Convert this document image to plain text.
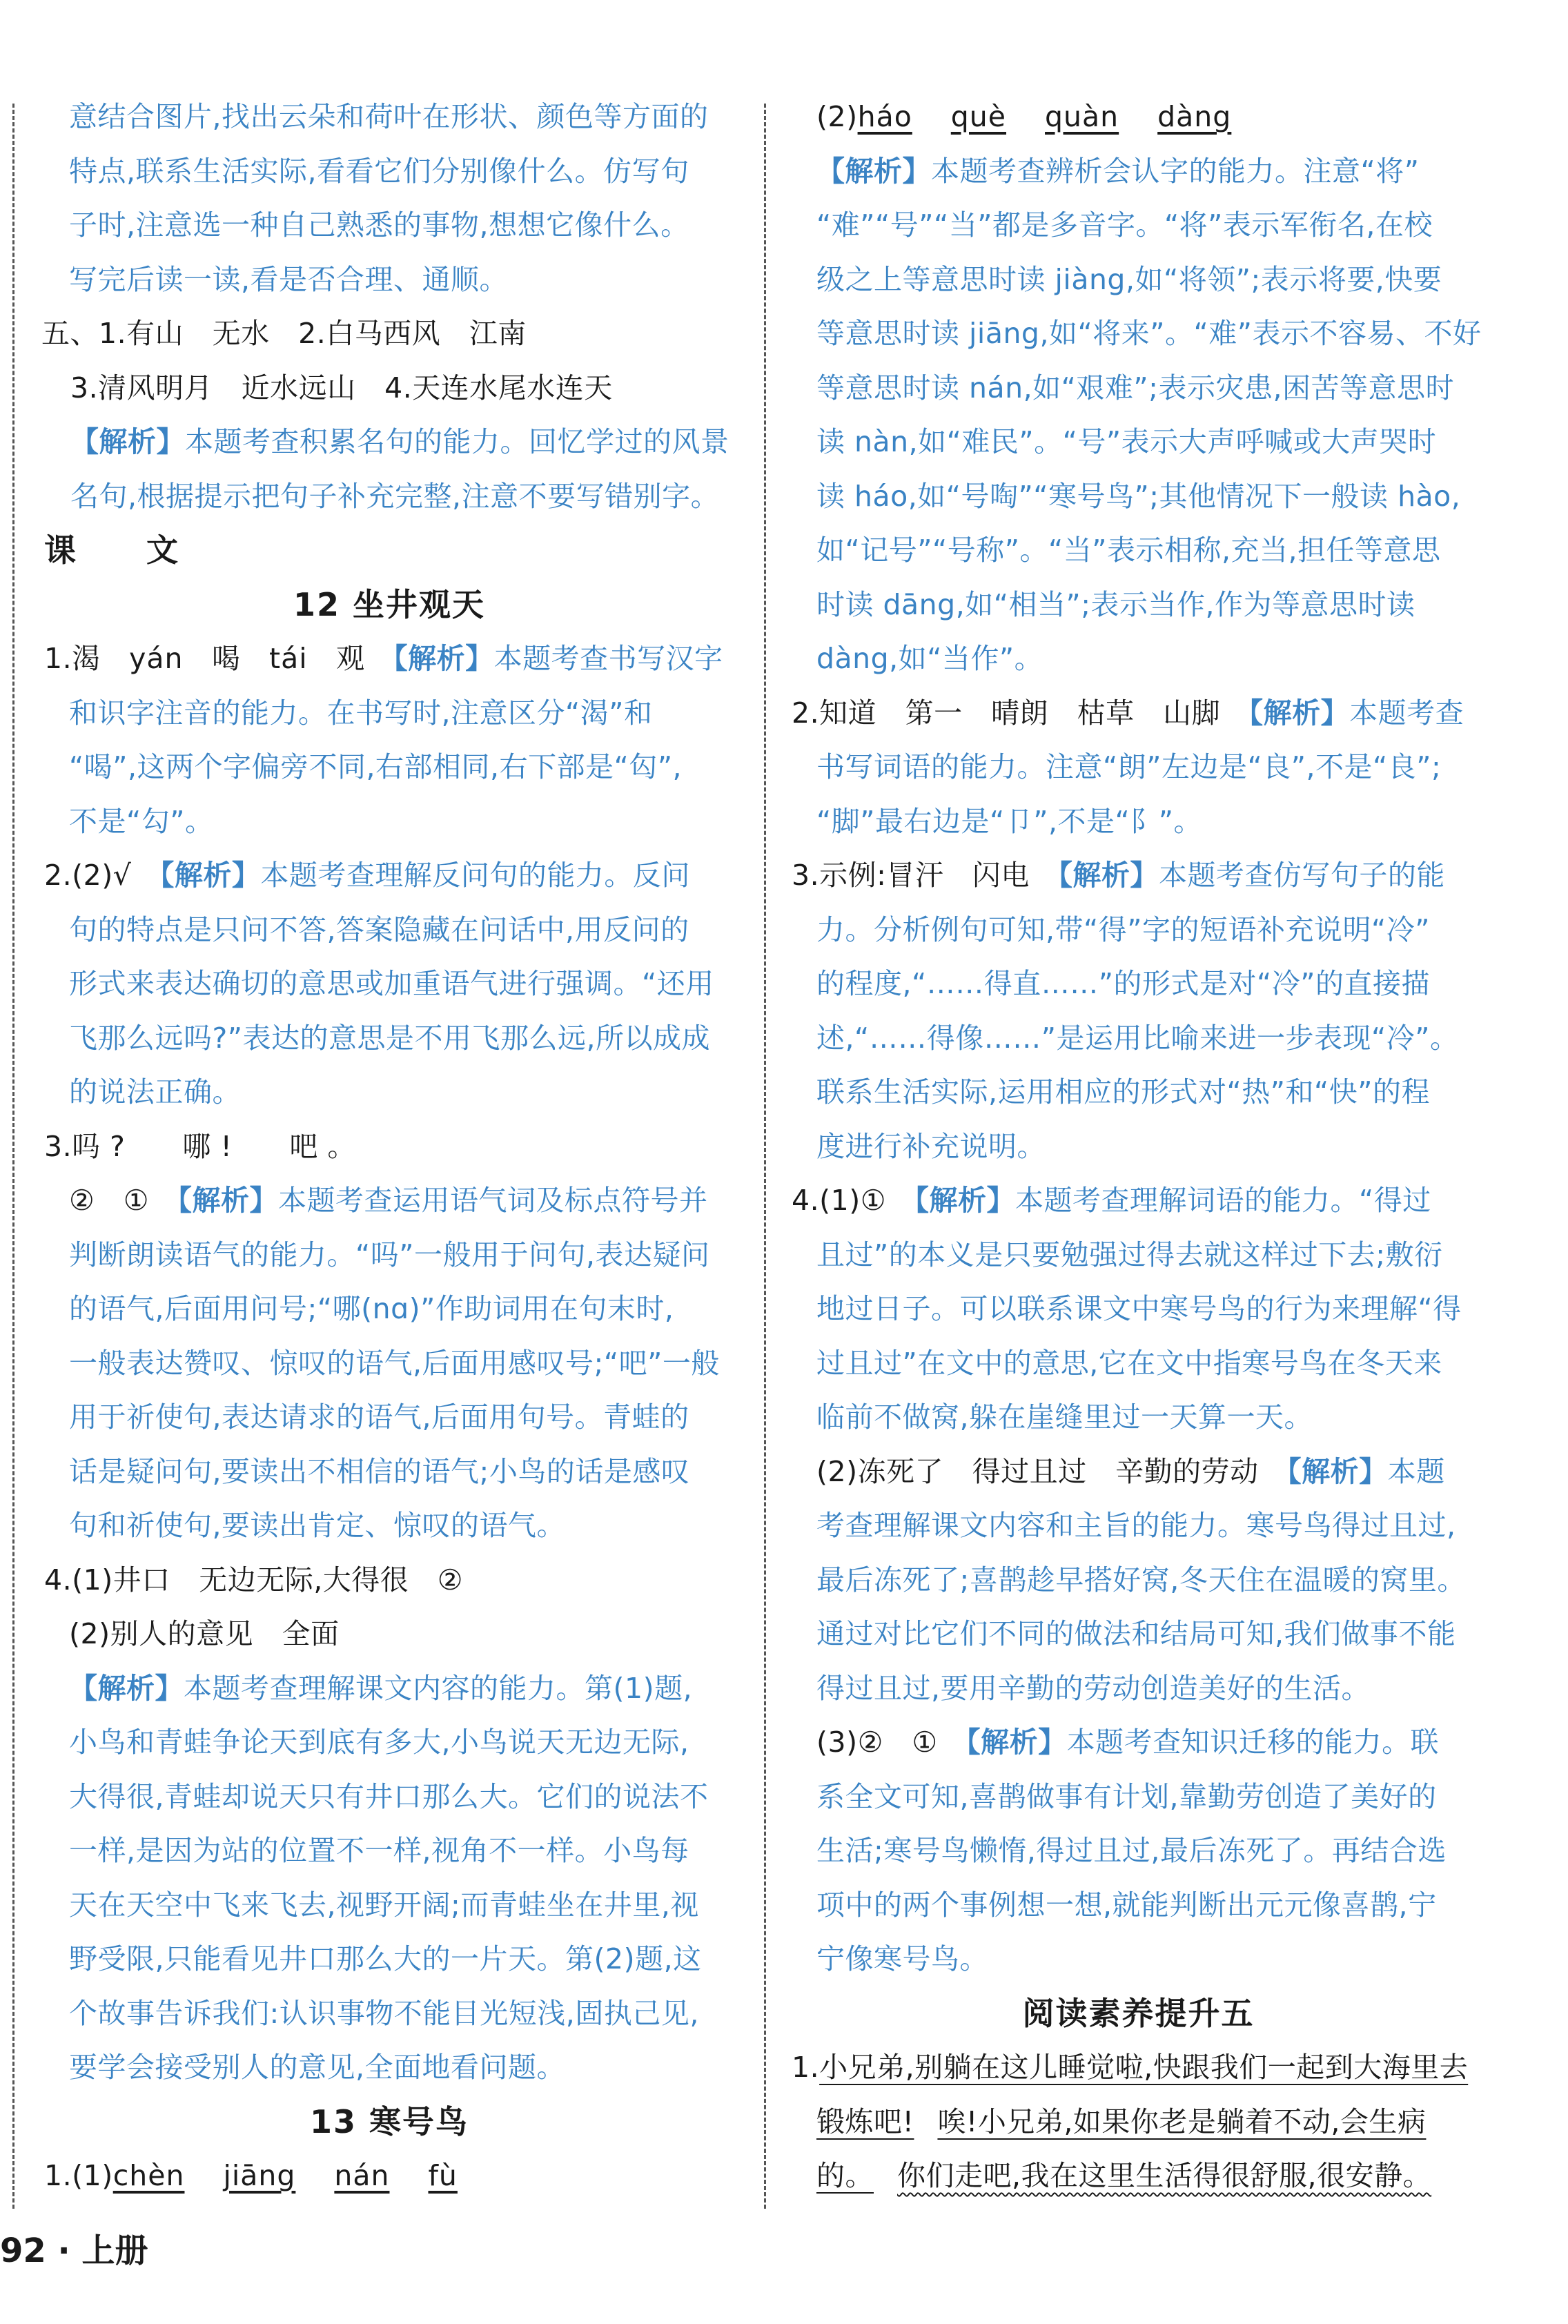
意结合图片,找出云朵和荷叶在形状、颜色等方面的

特点,联系生活实际,看看它们分别像什么。仿写句

子时,注意选一种自己熟悉的事物,想想它像什么。

写完后读一读,看是否合理、通顺。

五、1.有山　无水　2.白马西风　江南

3.清风明月　近水远山　4.天连水尾水连天

【解析】本题考查积累名句的能力。回忆学过的风景

名句,根据提示把句子补充完整,注意不要写错别字。

课　文

12 坐井观天

1.渴　yán　喝　tái　观　【解析】本题考查书写汉字

和识字注音的能力。在书写时,注意区分“渴”和

“喝”,这两个字偏旁不同,右部相同,右下部是“匃”,

不是“勾”。

2.(2)√　【解析】本题考查理解反问句的能力。反问

句的特点是只问不答,答案隐藏在问话中,用反问的

形式来表达确切的意思或加重语气进行强调。“还用

飞那么远吗?”表达的意思是不用飞那么远,所以成成

的说法正确。

3.吗 ?　　哪 !　　吧 。

②　①　【解析】本题考查运用语气词及标点符号并

判断朗读语气的能力。“吗”一般用于问句,表达疑问

的语气,后面用问号;“哪(nɑ)”作助词用在句末时,

一般表达赞叹、惊叹的语气,后面用感叹号;“吧”一般

用于祈使句,表达请求的语气,后面用句号。青蛙的

话是疑问句,要读出不相信的语气;小鸟的话是感叹

句和祈使句,要读出肯定、惊叹的语气。

4.(1)井口　无边无际,大得很　②

(2)别人的意见　全面

【解析】本题考查理解课文内容的能力。第(1)题,

小鸟和青蛙争论天到底有多大,小鸟说天无边无际,

大得很,青蛙却说天只有井口那么大。它们的说法不

一样,是因为站的位置不一样,视角不一样。小鸟每

天在天空中飞来飞去,视野开阔;而青蛙坐在井里,视

野受限,只能看见井口那么大的一片天。第(2)题,这

个故事告诉我们:认识事物不能目光短浅,固执己见,

要学会接受别人的意见,全面地看问题。

13 寒号鸟

1.(1)chèn jiāng nán fù

(2)háo què quàn dàng

【解析】本题考查辨析会认字的能力。注意“将”

“难”“号”“当”都是多音字。“将”表示军衔名,在校

级之上等意思时读 jiàng,如“将领”;表示将要,快要

等意思时读 jiāng,如“将来”。“难”表示不容易、不好

等意思时读 nán,如“艰难”;表示灾患,困苦等意思时

读 nàn,如“难民”。“号”表示大声呼喊或大声哭时

读 háo,如“号啕”“寒号鸟”;其他情况下一般读 hào,

如“记号”“号称”。“当”表示相称,充当,担任等意思

时读 dāng,如“相当”;表示当作,作为等意思时读

dàng,如“当作”。

2.知道　第一　晴朗　枯草　山脚　【解析】本题考查

书写词语的能力。注意“朗”左边是“良”,不是“良”;

“脚”最右边是“卩”,不是“阝”。

3.示例:冒汗　闪电　【解析】本题考查仿写句子的能

力。分析例句可知,带“得”字的短语补充说明“冷”

的程度,“……得直……”的形式是对“冷”的直接描

述,“……得像……”是运用比喻来进一步表现“冷”。

联系生活实际,运用相应的形式对“热”和“快”的程

度进行补充说明。

4.(1)①　【解析】本题考查理解词语的能力。“得过

且过”的本义是只要勉强过得去就这样过下去;敷衍

地过日子。可以联系课文中寒号鸟的行为来理解“得

过且过”在文中的意思,它在文中指寒号鸟在冬天来

临前不做窝,躲在崖缝里过一天算一天。

(2)冻死了　得过且过　辛勤的劳动　【解析】本题

考查理解课文内容和主旨的能力。寒号鸟得过且过,

最后冻死了;喜鹊趁早搭好窝,冬天住在温暖的窝里。

通过对比它们不同的做法和结局可知,我们做事不能

得过且过,要用辛勤的劳动创造美好的生活。

(3)②　①　【解析】本题考查知识迁移的能力。联

系全文可知,喜鹊做事有计划,靠勤劳创造了美好的

生活;寒号鸟懒惰,得过且过,最后冻死了。再结合选

项中的两个事例想一想,就能判断出元元像喜鹊,宁

宁像寒号鸟。

阅读素养提升五

1.小兄弟,别躺在这儿睡觉啦,快跟我们一起到大海里去

锻炼吧! 唉!小兄弟,如果你老是躺着不动,会生病

的。 你们走吧,我在这里生活得很舒服,很安静。

92 · 上册
